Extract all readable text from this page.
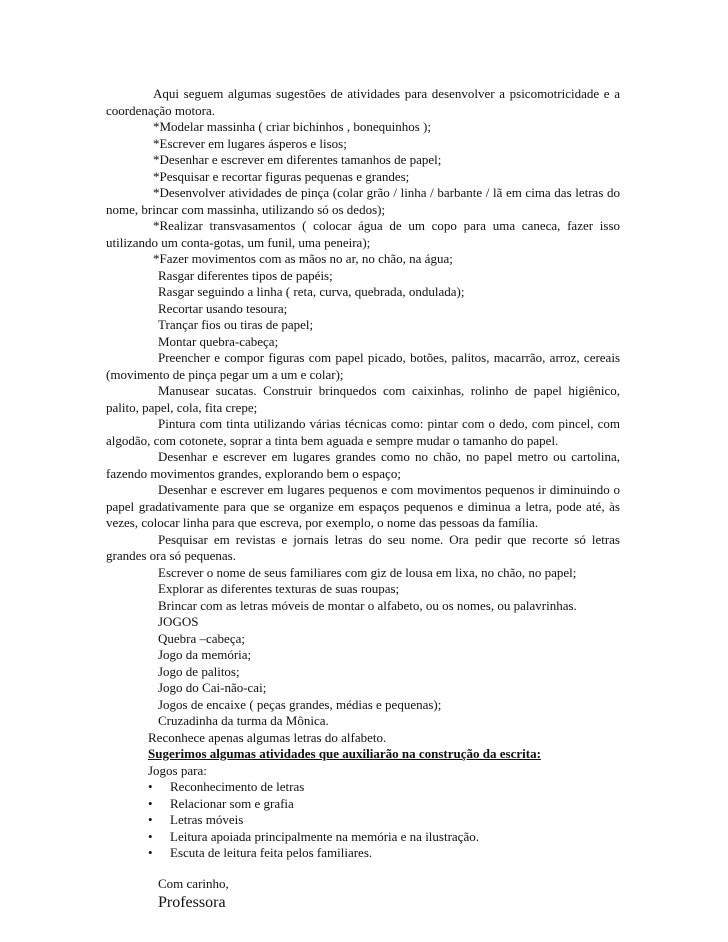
Aqui seguem algumas sugestões de atividades para desenvolver a psicomotricidade e a coordenação motora.

*Modelar massinha ( criar bichinhos , bonequinhos );

*Escrever em lugares ásperos e lisos;

*Desenhar e escrever em diferentes tamanhos de papel;

*Pesquisar e recortar figuras pequenas e grandes;

*Desenvolver atividades de pinça (colar grão / linha / barbante / lã em cima das letras do nome, brincar com massinha, utilizando só os dedos);

*Realizar transvasamentos ( colocar água de um copo para uma caneca, fazer isso utilizando um conta-gotas, um funil, uma peneira);

*Fazer movimentos com as mãos no ar, no chão, na água;

Rasgar diferentes tipos de papéis;

Rasgar seguindo a linha ( reta, curva, quebrada, ondulada);

Recortar usando tesoura;

Trançar fios ou tiras de papel;

Montar quebra-cabeça;

Preencher e compor figuras com papel picado, botões, palitos, macarrão, arroz, cereais (movimento de pinça pegar um a um e colar);

Manusear sucatas. Construir brinquedos com caixinhas, rolinho de papel higiênico, palito, papel, cola, fita crepe;

Pintura com tinta utilizando várias técnicas como: pintar com o dedo, com pincel, com algodão, com cotonete, soprar a tinta bem aguada e sempre mudar o tamanho do papel.

Desenhar e escrever em lugares grandes como no chão, no papel metro ou cartolina, fazendo movimentos grandes, explorando bem o espaço;

Desenhar e escrever em lugares pequenos e com movimentos pequenos ir diminuindo o papel gradativamente para que se organize em espaços pequenos e diminua a letra, pode até, às vezes, colocar linha para que escreva, por exemplo, o nome das pessoas da família.

Pesquisar em revistas e jornais letras do seu nome. Ora pedir que recorte só letras grandes ora só pequenas.

Escrever o nome de seus familiares com giz de lousa em lixa, no chão, no papel;

Explorar as diferentes texturas de suas roupas;

Brincar com as letras móveis de montar o alfabeto, ou os nomes, ou palavrinhas.

JOGOS

Quebra –cabeça;

Jogo da memória;

Jogo de palitos;

Jogo do Cai-não-cai;

Jogos de encaixe ( peças grandes, médias e pequenas);

Cruzadinha da turma da Mônica.

Reconhece apenas algumas letras do alfabeto.

Sugerimos algumas atividades que auxiliarão na construção da escrita:

Jogos para:

•	Reconhecimento de letras
•	Relacionar som e grafia
•	Letras móveis
•	Leitura apoiada principalmente na memória e na ilustração.
•	Escuta de leitura feita pelos familiares.

Com carinho,

Professora
